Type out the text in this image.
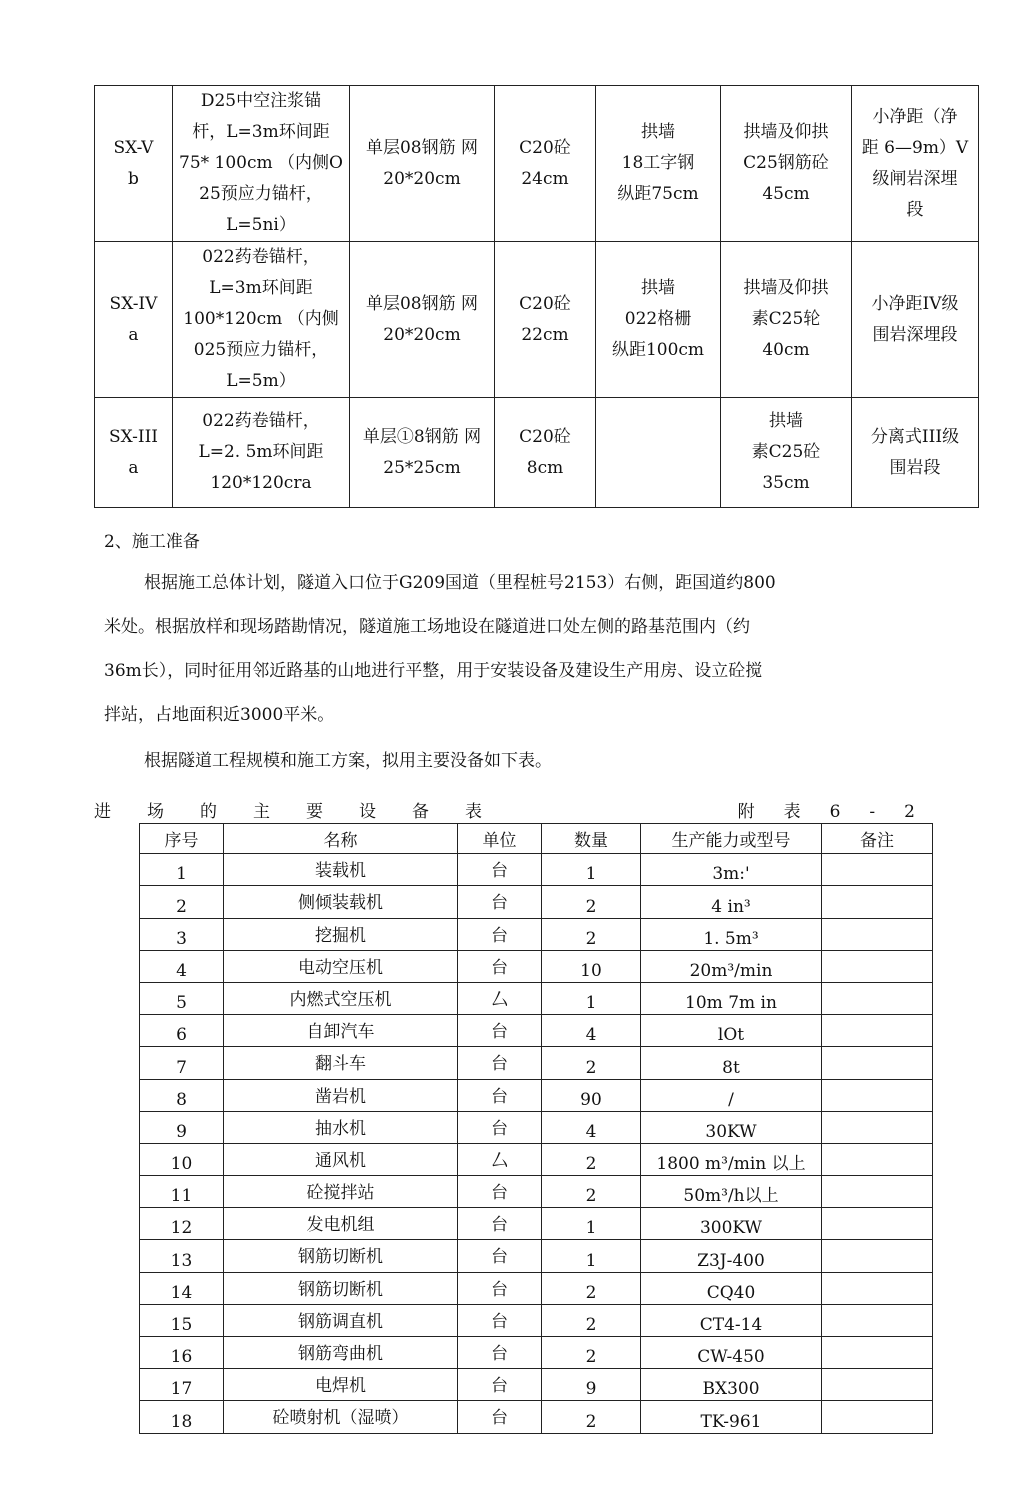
SX-V
b	D25中空注浆锚
杆，L=3m环间距
75* 100cm （内侧O
25预应力锚杆，
L=5ni）	单层08钢筋 网
20*20cm	C20砼
24cm	拱墙
18工字钢
纵距75cm	拱墙及仰拱
C25钢筋砼
45cm	小净距（净
距 6—9m）V
级闸岩深埋
段

SX-IV
a	022药卷锚杆，
L=3m环间距
100*120cm （内侧
025预应力锚杆，
L=5m）	单层08钢筋 网
20*20cm	C20砼
22cm	拱墙
022格栅
纵距100cm	拱墙及仰拱
素C25轮
40cm	小净距IV级
围岩深埋段

SX-III
a	022药卷锚杆，
L=2. 5m环间距
120*120cra	单层①8钢筋 网
25*25cm	C20砼
8cm		拱墙
素C25砼
35cm	分离式III级
围岩段
2、施工准备
根据施工总体计划，隧道入口位于G209国道（里程桩号2153）右侧，距国道约800
米处。根据放样和现场踏勘情况，隧道施工场地设在隧道进口处左侧的路基范围内（约
36m长），同时征用邻近路基的山地进行平整，用于安装设备及建设生产用房、设立砼搅
拌站，占地面积近3000平米。
根据隧道工程规模和施工方案，拟用主要没备如下表。
进场的主要设备表	附表6-2
序号	名称	单位	数量	生产能力或型号	备注
1	装载机	台	1	3m:'	
2	侧倾装载机	台	2	4 in³	
3	挖掘机	台	2	1. 5m³	
4	电动空压机	台	10	20m³/min	
5	内燃式空压机	厶	1	10m 7m in	
6	自卸汽车	台	4	lOt	
7	翻斗车	台	2	8t	
8	凿岩机	台	90	/	
9	抽水机	台	4	30KW	
10	通风机	厶	2	1800 m³/min 以上	
11	砼搅拌站	台	2	50m³/h以上	
12	发电机组	台	1	300KW	
13	钢筋切断机	台	1	Z3J-400	
14	钢筋切断机	台	2	CQ40	
15	钢筋调直机	台	2	CT4-14	
16	钢筋弯曲机	台	2	CW-450	
17	电焊机	台	9	BX300	
18	砼喷射机（湿喷）	台	2	TK-961	
